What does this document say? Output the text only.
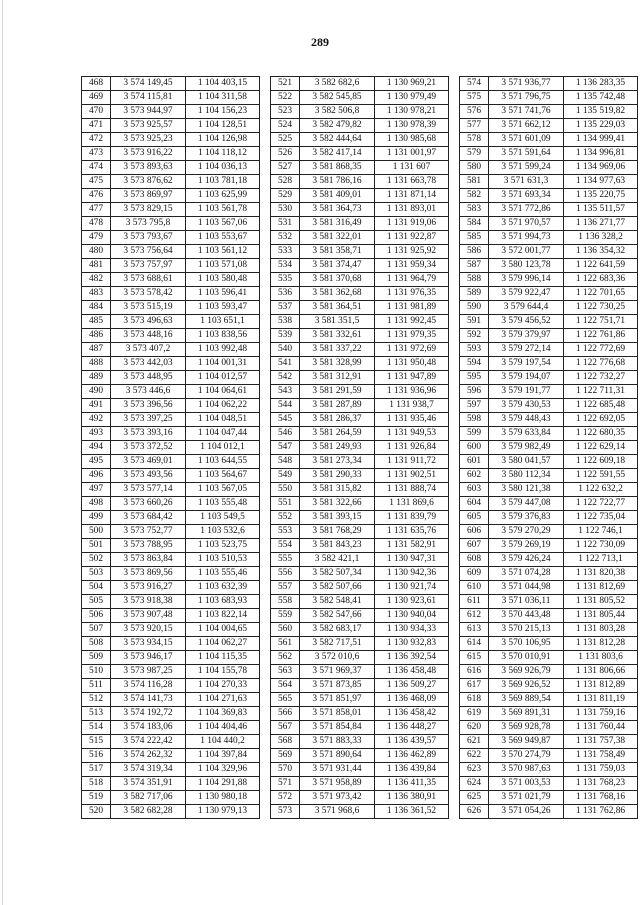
289
468	3 574 149,45	1 104 403,15
469	3 574 115,81	1 104 311,58
470	3 573 944,97	1 104 156,23
471	3 573 925,57	1 104 128,51
472	3 573 925,23	1 104 126,98
473	3 573 916,22	1 104 118,12
474	3 573 893,63	1 104 036,13
475	3 573 876,62	1 103 781,18
476	3 573 869,97	1 103 625,99
477	3 573 829,15	1 103 561,78
478	3 573 795,8	1 103 567,06
479	3 573 793,67	1 103 553,67
480	3 573 756,64	1 103 561,12
481	3 573 757,97	1 103 571,08
482	3 573 688,61	1 103 580,48
483	3 573 578,42	1 103 596,41
484	3 573 515,19	1 103 593,47
485	3 573 496,63	1 103 651,1
486	3 573 448,16	1 103 838,56
487	3 573 407,2	1 103 992,48
488	3 573 442,03	1 104 001,31
489	3 573 448,95	1 104 012,57
490	3 573 446,6	1 104 064,61
491	3 573 396,56	1 104 062,22
492	3 573 397,25	1 104 048,51
493	3 573 393,16	1 104 047,44
494	3 573 372,52	1 104 012,1
495	3 573 469,01	1 103 644,55
496	3 573 493,56	1 103 564,67
497	3 573 577,14	1 103 567,05
498	3 573 660,26	1 103 555,48
499	3 573 684,42	1 103 549,5
500	3 573 752,77	1 103 532,6
501	3 573 788,95	1 103 523,75
502	3 573 863,84	1 103 510,53
503	3 573 869,56	1 103 555,46
504	3 573 916,27	1 103 632,39
505	3 573 918,38	1 103 683,93
506	3 573 907,48	1 103 822,14
507	3 573 920,15	1 104 004,65
508	3 573 934,15	1 104 062,27
509	3 573 946,17	1 104 115,35
510	3 573 987,25	1 104 155,78
511	3 574 116,28	1 104 270,33
512	3 574 141,73	1 104 271,63
513	3 574 192,72	1 104 369,83
514	3 574 183,06	1 104 404,46
515	3 574 222,42	1 104 440,2
516	3 574 262,32	1 104 397,84
517	3 574 319,34	1 104 329,96
518	3 574 351,91	1 104 291,88
519	3 582 717,06	1 130 980,18
520	3 582 682,28	1 130 979,13
521	3 582 682,6	1 130 969,21
522	3 582 545,85	1 130 979,49
523	3 582 506,8	1 130 978,21
524	3 582 479,82	1 130 978,39
525	3 582 444,64	1 130 985,68
526	3 582 417,14	1 131 001,97
527	3 581 868,35	1 131 607
528	3 581 786,16	1 131 663,78
529	3 581 409,01	1 131 871,14
530	3 581 364,73	1 131 893,01
531	3 581 316,49	1 131 919,06
532	3 581 322,01	1 131 922,87
533	3 581 358,71	1 131 925,92
534	3 581 374,47	1 131 959,34
535	3 581 370,68	1 131 964,79
536	3 581 362,68	1 131 976,35
537	3 581 364,51	1 131 981,89
538	3 581 351,5	1 131 992,45
539	3 581 332,61	1 131 979,35
540	3 581 337,22	1 131 972,69
541	3 581 328,99	1 131 950,48
542	3 581 312,91	1 131 947,89
543	3 581 291,59	1 131 936,96
544	3 581 287,89	1 131 938,7
545	3 581 286,37	1 131 935,46
546	3 581 264,59	1 131 949,53
547	3 581 249,93	1 131 926,84
548	3 581 273,34	1 131 911,72
549	3 581 290,33	1 131 902,51
550	3 581 315,82	1 131 888,74
551	3 581 322,66	1 131 869,6
552	3 581 393,15	1 131 839,79
553	3 581 768,29	1 131 635,76
554	3 581 843,23	1 131 582,91
555	3 582 421,1	1 130 947,31
556	3 582 507,34	1 130 942,36
557	3 582 507,66	1 130 921,74
558	3 582 548,41	1 130 923,61
559	3 582 547,66	1 130 940,04
560	3 582 683,17	1 130 934,33
561	3 582 717,51	1 130 932,83
562	3 572 010,6	1 136 392,54
563	3 571 969,37	1 136 458,48
564	3 571 873,85	1 136 509,27
565	3 571 851,97	1 136 468,09
566	3 571 858,01	1 136 458,42
567	3 571 854,84	1 136 448,27
568	3 571 883,33	1 136 439,57
569	3 571 890,64	1 136 462,89
570	3 571 931,44	1 136 439,84
571	3 571 958,89	1 136 411,35
572	3 571 973,42	1 136 380,91
573	3 571 968,6	1 136 361,52
574	3 571 936,77	1 136 283,35
575	3 571 796,75	1 135 742,48
576	3 571 741,76	1 135 519,82
577	3 571 662,12	1 135 229,03
578	3 571 601,09	1 134 999,41
579	3 571 591,64	1 134 996,81
580	3 571 599,24	1 134 969,06
581	3 571 631,3	1 134 977,63
582	3 571 693,34	1 135 220,75
583	3 571 772,86	1 135 511,57
584	3 571 970,57	1 136 271,77
585	3 571 994,73	1 136 328,2
586	3 572 001,77	1 136 354,32
587	3 580 123,78	1 122 641,59
588	3 579 996,14	1 122 683,36
589	3 579 922,47	1 122 701,65
590	3 579 644,4	1 122 730,25
591	3 579 456,52	1 122 751,71
592	3 579 379,97	1 122 761,86
593	3 579 272,14	1 122 772,69
594	3 579 197,54	1 122 776,68
595	3 579 194,07	1 122 732,27
596	3 579 191,77	1 122 711,31
597	3 579 430,53	1 122 685,48
598	3 579 448,43	1 122 692,05
599	3 579 633,84	1 122 680,35
600	3 579 982,49	1 122 629,14
601	3 580 041,57	1 122 609,18
602	3 580 112,34	1 122 591,55
603	3 580 121,38	1 122 632,2
604	3 579 447,08	1 122 722,77
605	3 579 376,83	1 122 735,04
606	3 579 270,29	1 122 746,1
607	3 579 269,19	1 122 730,09
608	3 579 426,24	1 122 713,1
609	3 571 074,28	1 131 820,38
610	3 571 044,98	1 131 812,69
611	3 571 036,11	1 131 805,52
612	3 570 443,48	1 131 805,44
613	3 570 215,13	1 131 803,28
614	3 570 106,95	1 131 812,28
615	3 570 010,91	1 131 803,6
616	3 569 926,79	1 131 806,66
617	3 569 926,52	1 131 812,89
618	3 569 889,54	1 131 811,19
619	3 569 891,31	1 131 759,16
620	3 569 928,78	1 131 760,44
621	3 569 949,87	1 131 757,38
622	3 570 274,79	1 131 758,49
623	3 570 987,63	1 131 759,03
624	3 571 003,53	1 131 768,23
625	3 571 021,79	1 131 768,16
626	3 571 054,26	1 131 762,86
